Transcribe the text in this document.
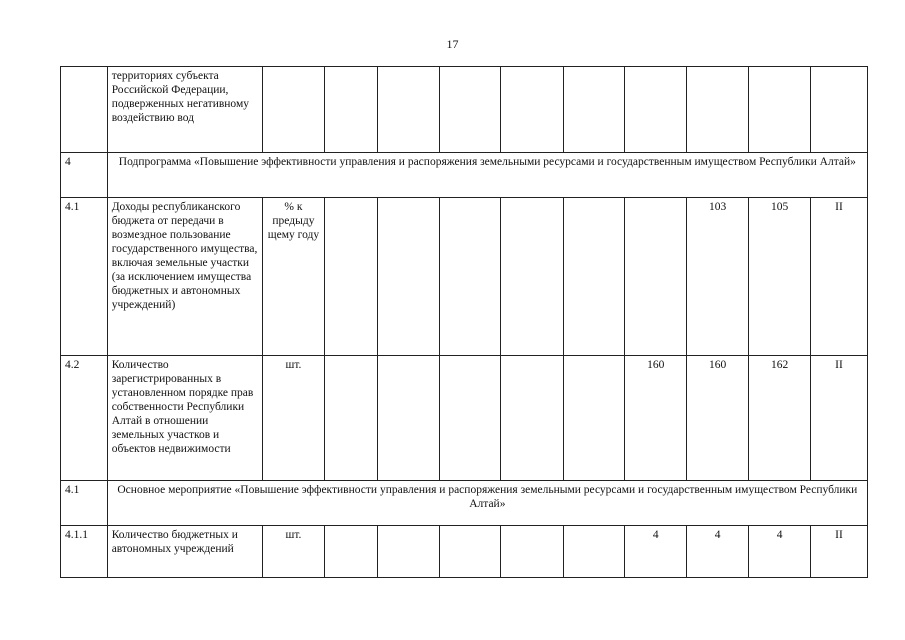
17
	территориях субъекта Российской Федерации, подверженных негативному воздействию вод										
4	Подпрограмма «Повышение эффективности управления и распоряжения земельными ресурсами и государственным имуществом Республики Алтай»										
4.1	Доходы республиканского бюджета от передачи в возмездное пользование государственного имущества, включая земельные участки (за исключением имущества бюджетных и автономных учреждений)	% к предыду щему году							103	105	II
4.2	Количество зарегистрированных в установленном порядке прав собственности Республики Алтай в отношении земельных участков и объектов недвижимости	шт.						160	160	162	II
4.1	Основное мероприятие «Повышение эффективности управления и распоряжения земельными ресурсами и государственным имуществом Республики Алтай»										
4.1.1	Количество бюджетных и автономных учреждений	шт.						4	4	4	II
